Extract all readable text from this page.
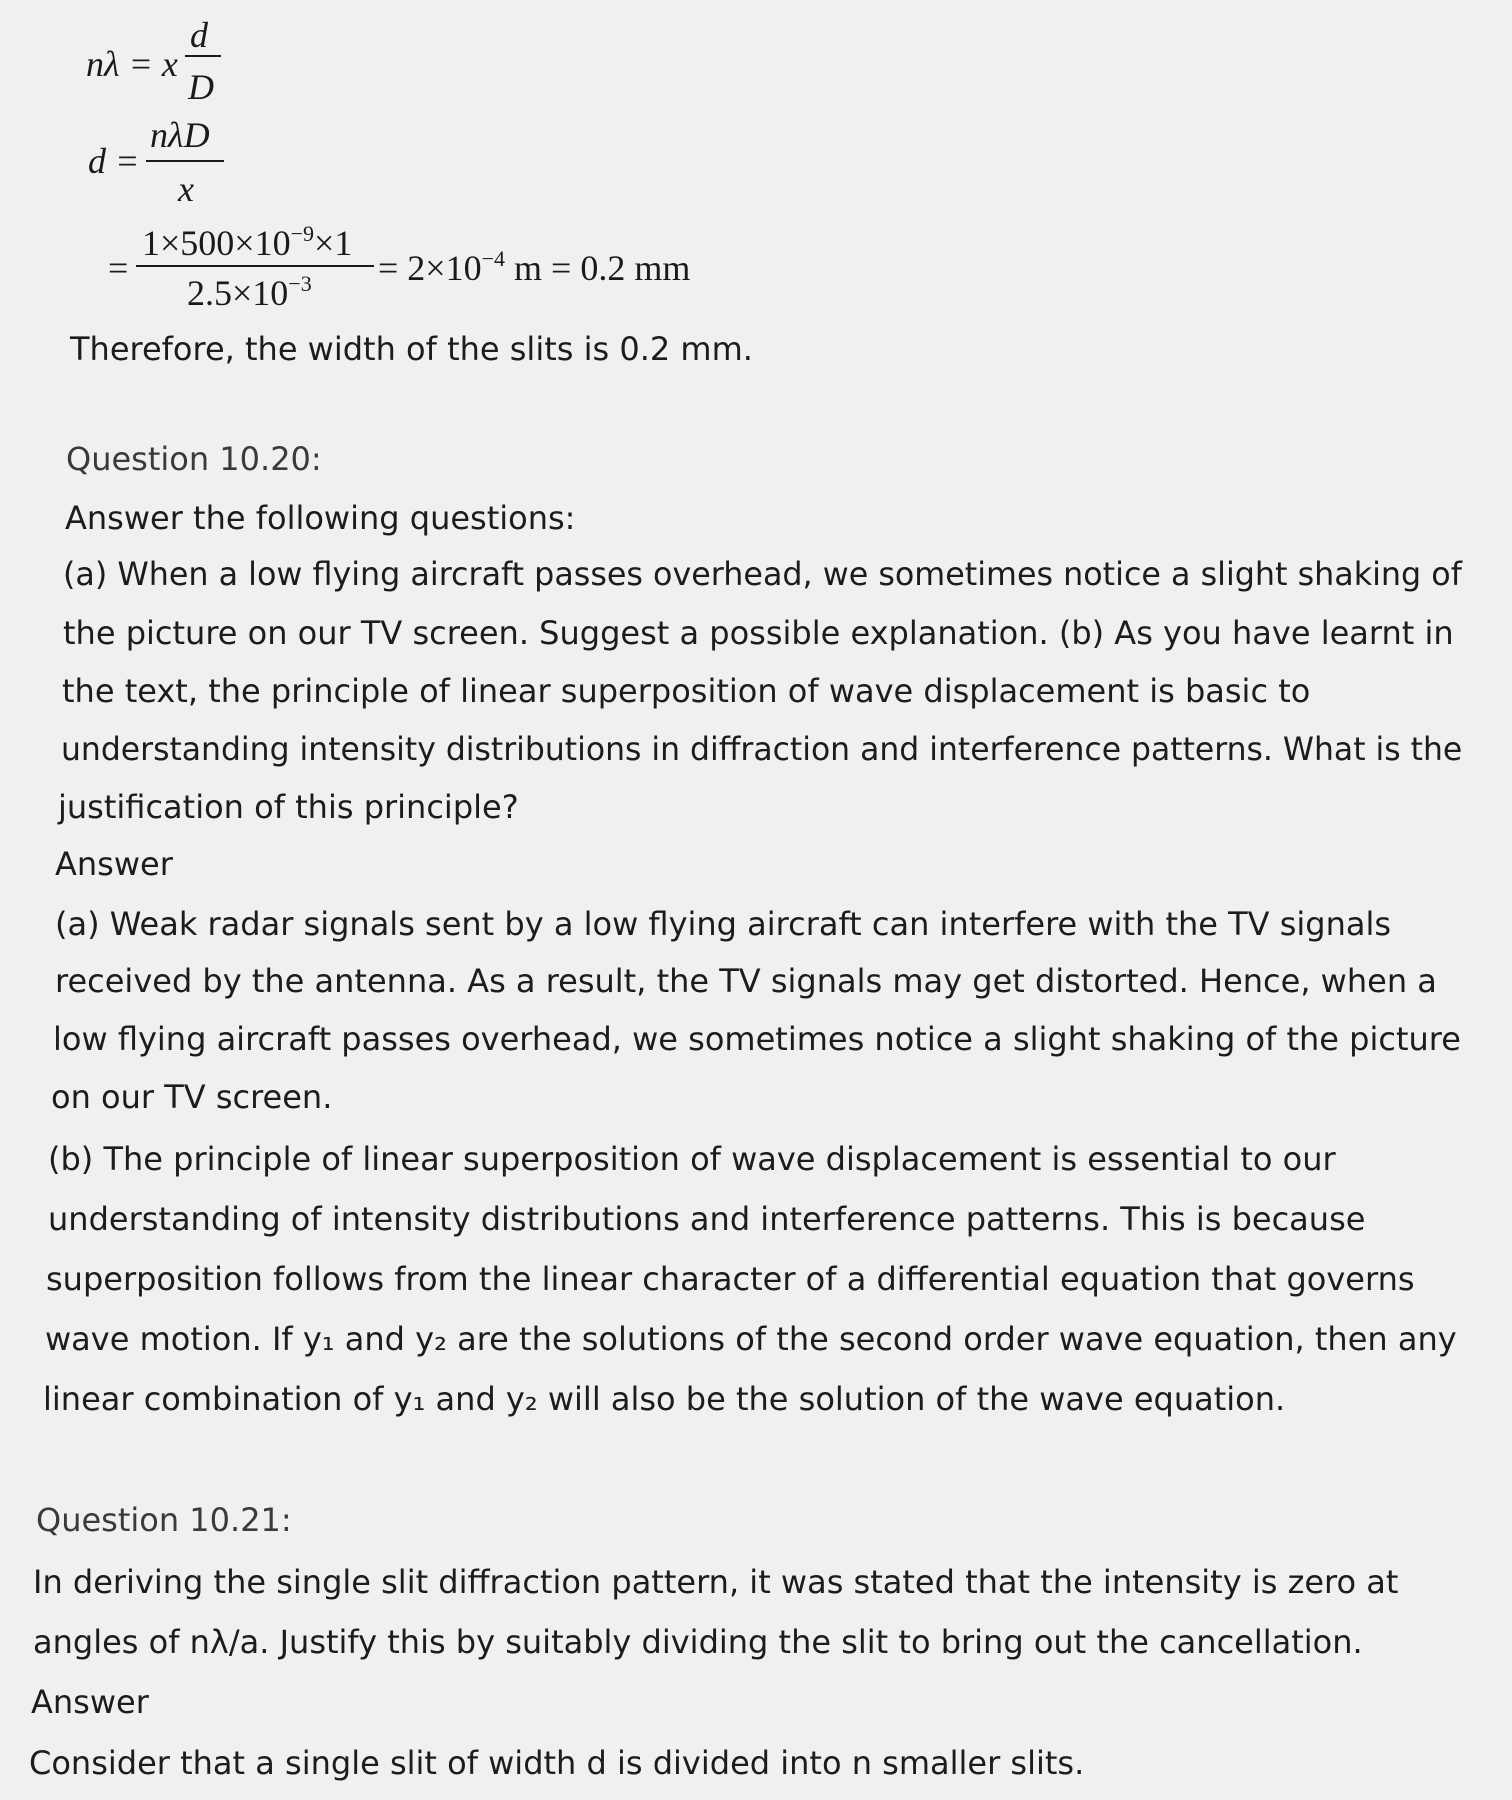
nλ = x
d
D
d =
nλD
x
=
$1\times 500\times 10^{-9}\times 1$
$2.5\times 10^{-3} = 2\times 10^{-4}$ m = 0.2 mm
Therefore, the width of the slits is 0.2 mm.
Question 10.20:
Answer the following questions:
(a) When a low flying aircraft passes overhead, we sometimes notice a slight shaking of
the picture on our TV screen. Suggest a possible explanation. (b) As you have learnt in
the text, the principle of linear superposition of wave displacement is basic to
understanding intensity distributions in diffraction and interference patterns. What is the
justification of this principle?
Answer
(a) Weak radar signals sent by a low flying aircraft can interfere with the TV signals
received by the antenna. As a result, the TV signals may get distorted. Hence, when a
low flying aircraft passes overhead, we sometimes notice a slight shaking of the picture
on our TV screen.
(b) The principle of linear superposition of wave displacement is essential to our
understanding of intensity distributions and interference patterns. This is because
superposition follows from the linear character of a differential equation that governs
wave motion. If y₁ and y₂ are the solutions of the second order wave equation, then any
linear combination of y₁ and y₂ will also be the solution of the wave equation.
Question 10.21:
In deriving the single slit diffraction pattern, it was stated that the intensity is zero at
angles of nλ/a. Justify this by suitably dividing the slit to bring out the cancellation.
Answer
Consider that a single slit of width d is divided into n smaller slits.
